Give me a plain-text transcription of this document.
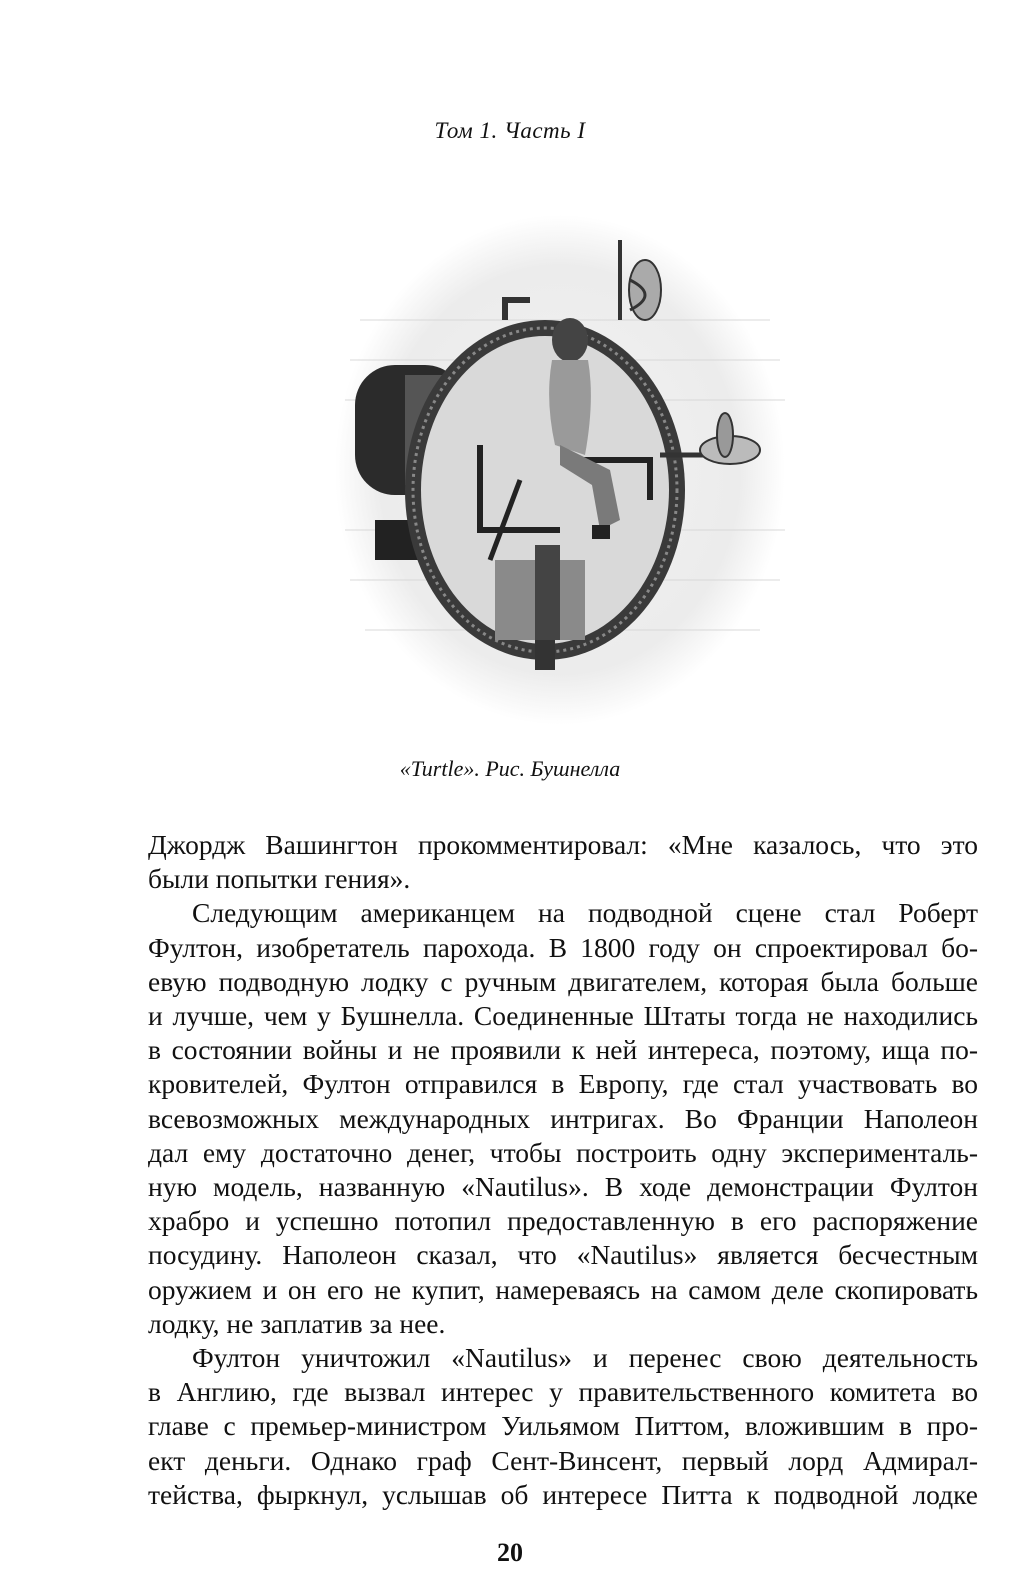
Том 1. Часть I
«Turtle». Рис. Бушнелла
Джордж Вашингтон прокомментировал: «Мне казалось, что это
были попытки гения».
Следующим американцем на подводной сцене стал Роберт
Фултон, изобретатель парохода. В 1800 году он спроектировал бо-
евую подводную лодку с ручным двигателем, которая была больше
и лучше, чем у Бушнелла. Соединенные Штаты тогда не находились
в состоянии войны и не проявили к ней интереса, поэтому, ища по-
кровителей, Фултон отправился в Европу, где стал участвовать во
всевозможных международных интригах. Во Франции Наполеон
дал ему достаточно денег, чтобы построить одну эксперименталь-
ную модель, названную «Nautilus». В ходе демонстрации Фултон
храбро и успешно потопил предоставленную в его распоряжение
посудину. Наполеон сказал, что «Nautilus» является бесчестным
оружием и он его не купит, намереваясь на самом деле скопировать
лодку, не заплатив за нее.
Фултон уничтожил «Nautilus» и перенес свою деятельность
в Англию, где вызвал интерес у правительственного комитета во
главе с премьер-министром Уильямом Питтом, вложившим в про-
ект деньги. Однако граф Сент-Винсент, первый лорд Адмирал-
тейства, фыркнул, услышав об интересе Питта к подводной лодке
20
